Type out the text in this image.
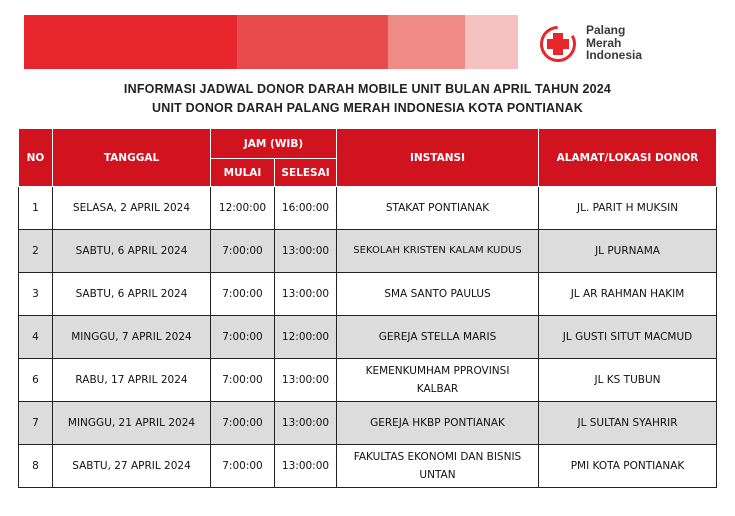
Palang
Merah
Indonesia
INFORMASI JADWAL DONOR DARAH MOBILE UNIT BULAN APRIL TAHUN 2024
UNIT DONOR DARAH PALANG MERAH INDONESIA KOTA PONTIANAK
NO	TANGGAL	JAM (WIB)		INSTANSI	ALAMAT/LOKASI DONOR
		MULAI	SELESAI		
1	SELASA, 2 APRIL 2024	12:00:00	16:00:00	STAKAT PONTIANAK	JL. PARIT H MUKSIN
2	SABTU, 6 APRIL 2024	7:00:00	13:00:00	SEKOLAH KRISTEN KALAM KUDUS	JL PURNAMA
3	SABTU, 6 APRIL 2024	7:00:00	13:00:00	SMA SANTO PAULUS	JL AR RAHMAN HAKIM
4	MINGGU, 7 APRIL 2024	7:00:00	12:00:00	GEREJA STELLA MARIS	JL GUSTI SITUT MACMUD
6	RABU, 17 APRIL 2024	7:00:00	13:00:00	KEMENKUMHAM PPROVINSI KALBAR	JL KS TUBUN
7	MINGGU, 21 APRIL 2024	7:00:00	13:00:00	GEREJA HKBP PONTIANAK	JL SULTAN SYAHRIR
8	SABTU, 27 APRIL 2024	7:00:00	13:00:00	FAKULTAS EKONOMI DAN BISNIS UNTAN	PMI KOTA PONTIANAK
